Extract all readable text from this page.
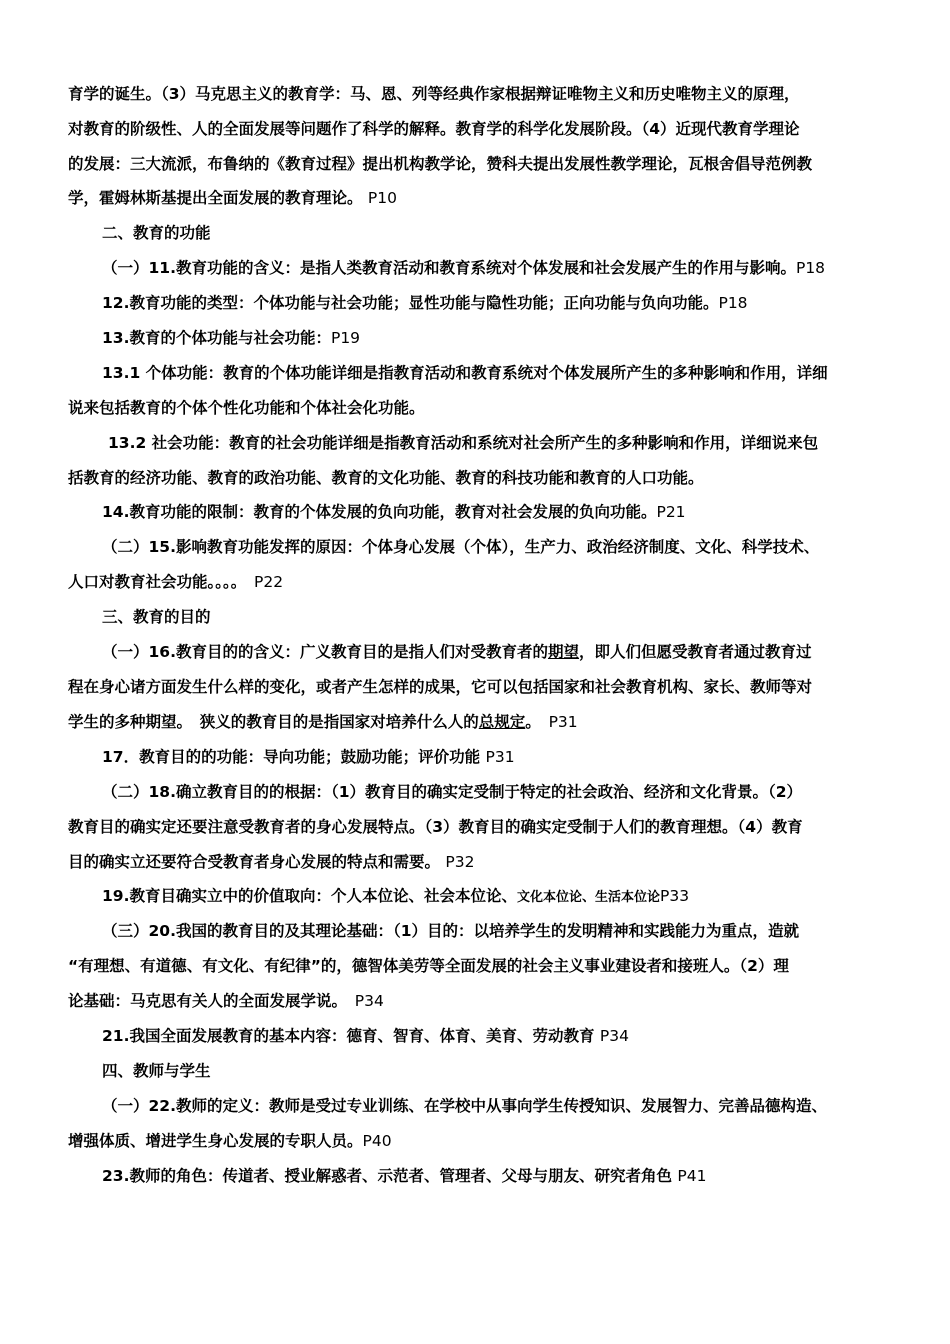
育学的诞生。（3）马克思主义的教育学：马、恩、列等经典作家根据辩证唯物主义和历史唯物主义的原理，
对教育的阶级性、人的全面发展等问题作了科学的解释。教育学的科学化发展阶段。（4）近现代教育学理论
的发展：三大流派，布鲁纳的《教育过程》提出机构教学论，赞科夫提出发展性教学理论，瓦根舍倡导范例教
学，霍姆林斯基提出全面发展的教育理论。 P10
二、教育的功能
（一）11.教育功能的含义：是指人类教育活动和教育系统对个体发展和社会发展产生的作用与影响。P18
12.教育功能的类型：个体功能与社会功能；显性功能与隐性功能；正向功能与负向功能。P18
13.教育的个体功能与社会功能：P19
13.1 个体功能：教育的个体功能详细是指教育活动和教育系统对个体发展所产生的多种影响和作用，详细
说来包括教育的个体个性化功能和个体社会化功能。
13.2 社会功能：教育的社会功能详细是指教育活动和系统对社会所产生的多种影响和作用，详细说来包
括教育的经济功能、教育的政治功能、教育的文化功能、教育的科技功能和教育的人口功能。
14.教育功能的限制：教育的个体发展的负向功能，教育对社会发展的负向功能。P21
（二）15.影响教育功能发挥的原因：个体身心发展（个体），生产力、政治经济制度、文化、科学技术、
人口对教育社会功能。。。。　 P22
三、教育的目的
（一）16.教育目的的含义：广义教育目的是指人们对受教育者的期望，即人们但愿受教育者通过教育过
程在身心诸方面发生什么样的变化，或者产生怎样的成果，它可以包括国家和社会教育机构、家长、教师等对
学生的多种期望。　狭义的教育目的是指国家对培养什么人的总规定。　 P31
17．教育目的的功能：导向功能；鼓励功能；评价功能 P31
（二）18.确立教育目的的根据：（1）教育目的确实定受制于特定的社会政治、经济和文化背景。（2）
教育目的确实定还要注意受教育者的身心发展特点。（3）教育目的确实定受制于人们的教育理想。（4）教育
目的确实立还要符合受教育者身心发展的特点和需要。 P32
19.教育目确实立中的价值取向：个人本位论、社会本位论、文化本位论、生活本位论P33
（三）20.我国的教育目的及其理论基础：（1）目的：以培养学生的发明精神和实践能力为重点，造就
“有理想、有道德、有文化、有纪律”的，德智体美劳等全面发展的社会主义事业建设者和接班人。（2）理
论基础：马克思有关人的全面发展学说。　 P34
21.我国全面发展教育的基本内容：德育、智育、体育、美育、劳动教育 P34
四、教师与学生
（一）22.教师的定义：教师是受过专业训练、在学校中从事向学生传授知识、发展智力、完善品德构造、
增强体质、增进学生身心发展的专职人员。P40
23.教师的角色：传道者、授业解惑者、示范者、管理者、父母与朋友、研究者角色 P41
